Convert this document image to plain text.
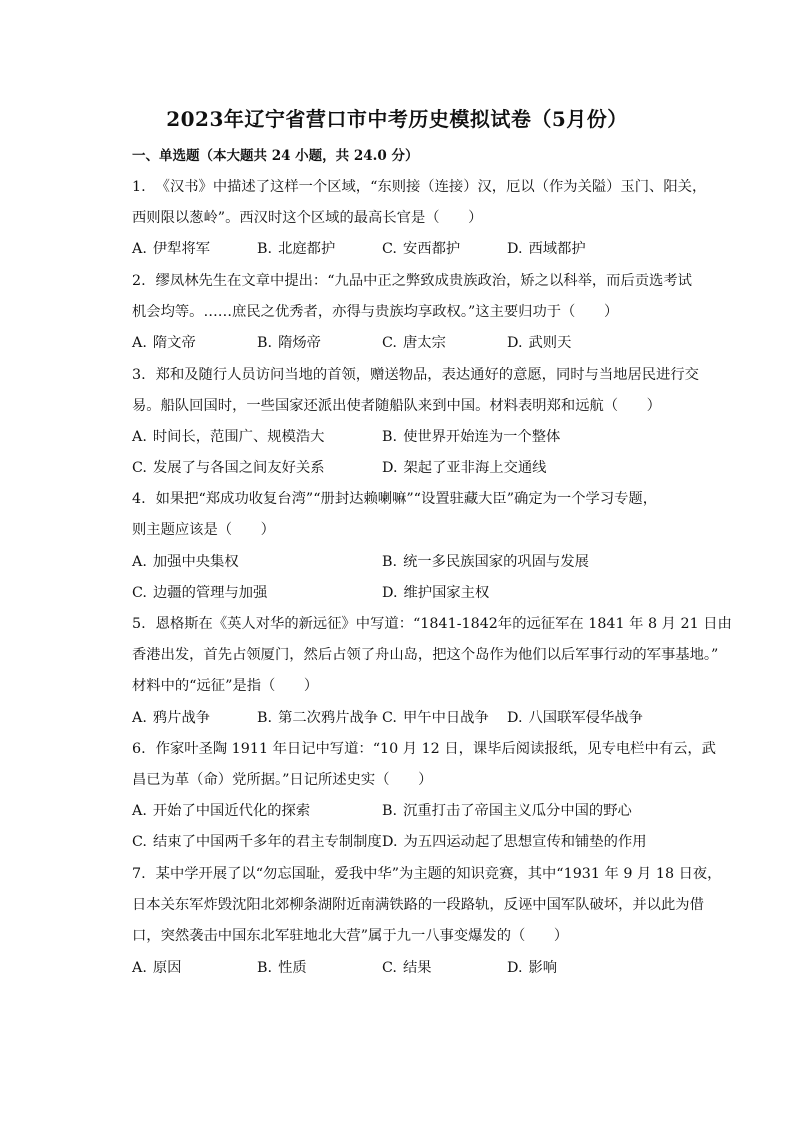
2023年辽宁省营口市中考历史模拟试卷（5月份）
一、单选题（本大题共 24 小题，共 24.0 分）
1. 《汉书》中描述了这样一个区域，“东则接（连接）汉，厄以（作为关隘）玉门、阳关，
西则限以葱岭”。西汉时这个区域的最高长官是（　　）
A. 伊犁将军	B. 北庭都护	C. 安西都护	D. 西域都护
2. 缪凤林先生在文章中提出：“九品中正之弊致成贵族政治，矫之以科举，而后贡选考试
机会均等。……庶民之优秀者，亦得与贵族均享政权。”这主要归功于（　　）
A. 隋文帝	B. 隋炀帝	C. 唐太宗	D. 武则天
3. 郑和及随行人员访问当地的首领，赠送物品，表达通好的意愿，同时与当地居民进行交
易。船队回国时，一些国家还派出使者随船队来到中国。材料表明郑和远航（　　）
A. 时间长，范围广、规模浩大	B. 使世界开始连为一个整体
C. 发展了与各国之间友好关系	D. 架起了亚非海上交通线
4. 如果把“郑成功收复台湾”“册封达赖喇嘛”“设置驻藏大臣”确定为一个学习专题，
则主题应该是（　　）
A. 加强中央集权	B. 统一多民族国家的巩固与发展
C. 边疆的管理与加强	D. 维护国家主权
5. 恩格斯在《英人对华的新远征》中写道：“1841-1842年的远征军在 1841 年 8 月 21 日由
香港出发，首先占领厦门，然后占领了舟山岛，把这个岛作为他们以后军事行动的军事基地。”
材料中的“远征”是指（　　）
A. 鸦片战争	B. 第二次鸦片战争 C. 甲午中日战争 D. 八国联军侵华战争
6. 作家叶圣陶 1911 年日记中写道：“10 月 12 日，课毕后阅读报纸，见专电栏中有云，武
昌已为革（命）党所据。”日记所述史实（　　）
A. 开始了中国近代化的探索	B. 沉重打击了帝国主义瓜分中国的野心
C. 结束了中国两千多年的君主专制制度 D. 为五四运动起了思想宣传和铺垫的作用
7. 某中学开展了以“勿忘国耻，爱我中华”为主题的知识竞赛，其中“1931 年 9 月 18 日夜，
日本关东军炸毁沈阳北郊柳条湖附近南满铁路的一段路轨，反诬中国军队破坏，并以此为借
口，突然袭击中国东北军驻地北大营”属于九一八事变爆发的（　　）
A. 原因	B. 性质	C. 结果	D. 影响
